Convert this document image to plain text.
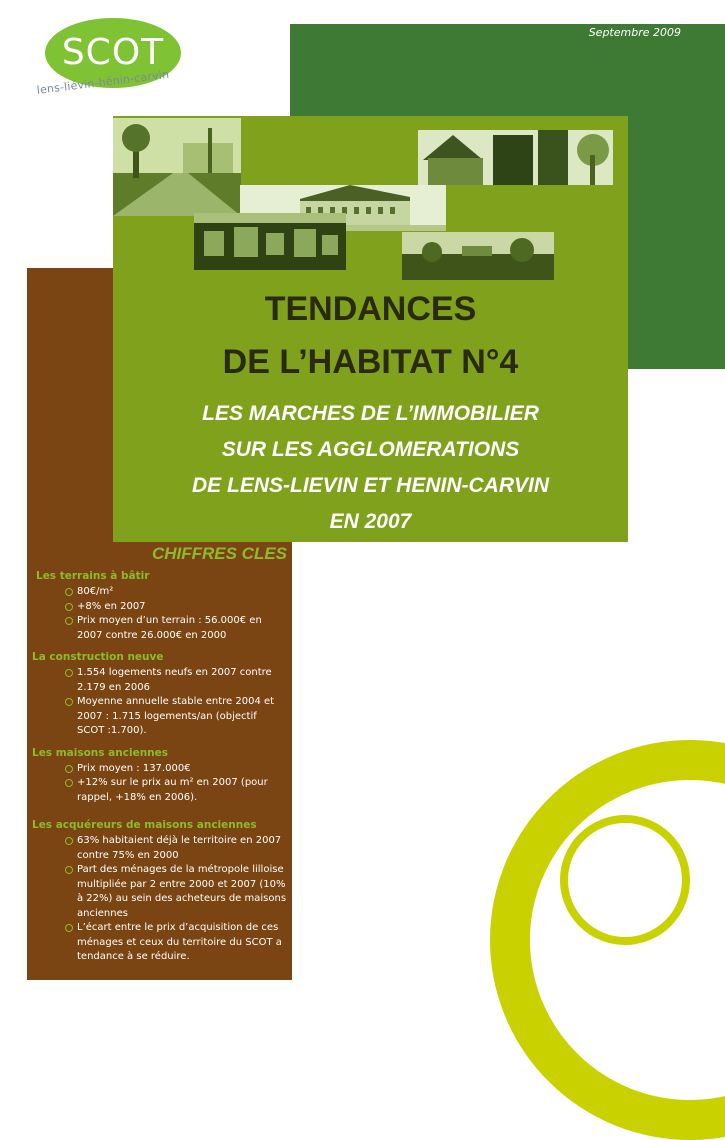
Septembre 2009
SCOT
lens-liévin-hénin-carvin
TENDANCES
DE L’HABITAT N°4
LES MARCHES DE L’IMMOBILIER
SUR LES AGGLOMERATIONS
DE LENS-LIEVIN ET HENIN-CARVIN
EN 2007
CHIFFRES CLES
Les terrains à bâtir
80€/m²
+8% en 2007
Prix moyen d’un terrain : 56.000€ en 2007 contre 26.000€ en 2000
La construction neuve
1.554 logements neufs en 2007 contre 2.179 en 2006
Moyenne annuelle stable entre 2004 et 2007 : 1.715 logements/an (objectif SCOT :1.700).
Les maisons anciennes
Prix moyen : 137.000€
+12% sur le prix au m² en 2007 (pour rappel, +18% en 2006).
Les acquéreurs de maisons anciennes
63% habitaient déjà le territoire en 2007 contre 75% en 2000
Part des ménages de la métropole lilloise multipliée par 2 entre 2000 et 2007 (10% à 22%) au sein des acheteurs de maisons anciennes
L’écart entre le prix d’acquisition de ces ménages et ceux du territoire du SCOT a tendance à se réduire.
